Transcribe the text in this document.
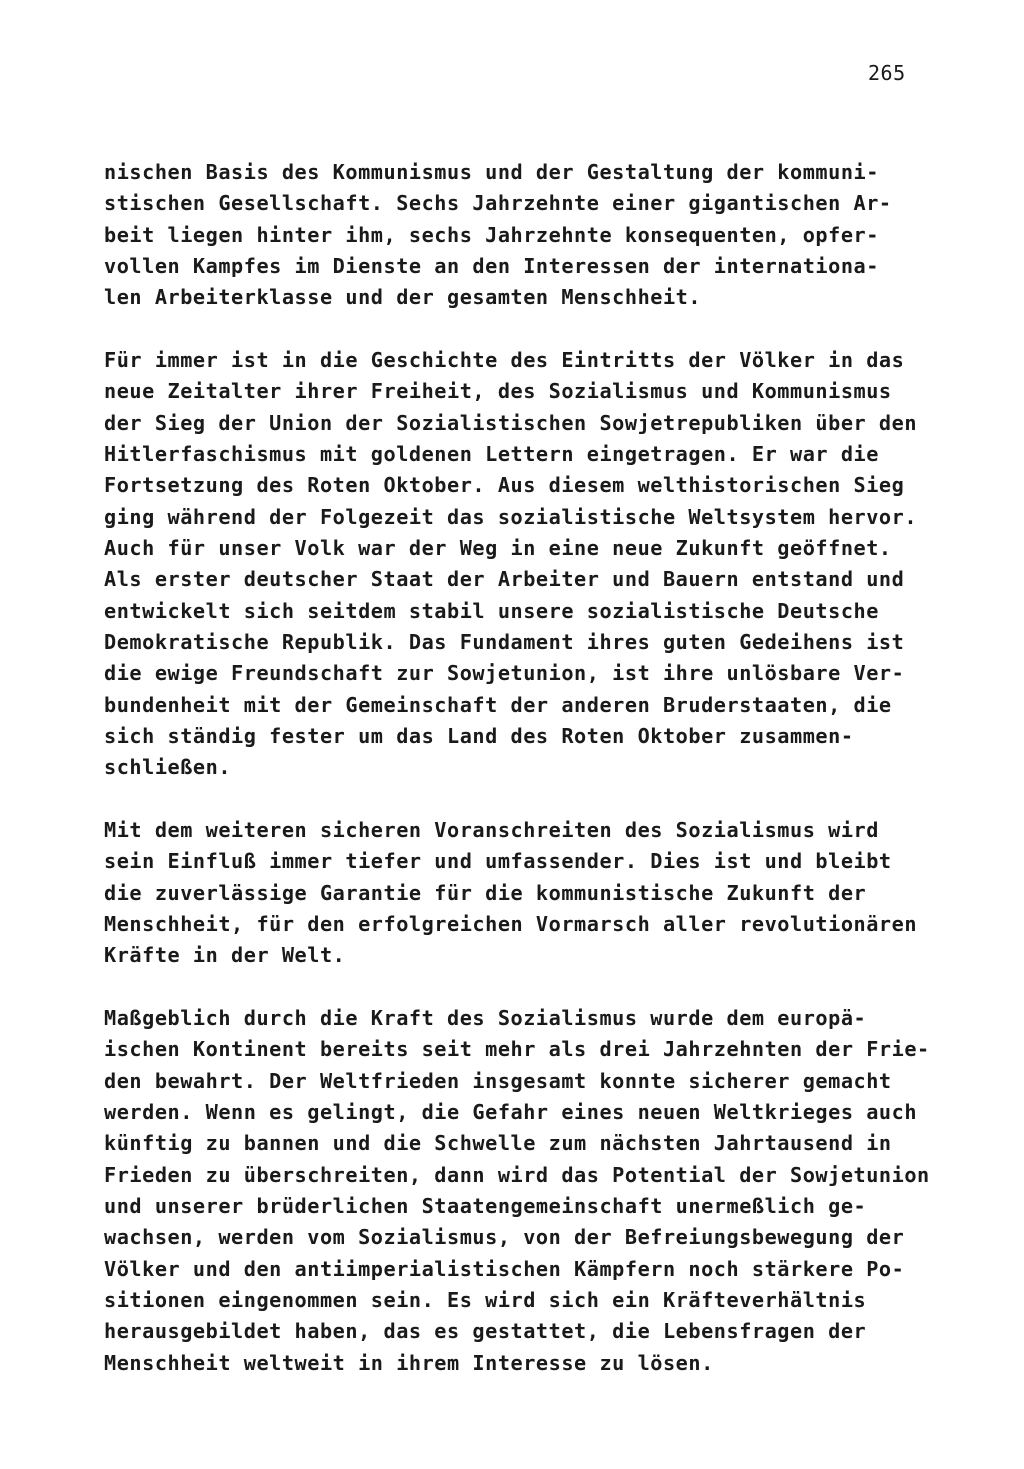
265
nischen Basis des Kommunismus und der Gestaltung der kommuni-
stischen Gesellschaft. Sechs Jahrzehnte einer gigantischen Ar-
beit liegen hinter ihm, sechs Jahrzehnte konsequenten, opfer-
vollen Kampfes im Dienste an den Interessen der internationa-
len Arbeiterklasse und der gesamten Menschheit.
Für immer ist in die Geschichte des Eintritts der Völker in das
neue Zeitalter ihrer Freiheit, des Sozialismus und Kommunismus
der Sieg der Union der Sozialistischen Sowjetrepubliken über den
Hitlerfaschismus mit goldenen Lettern eingetragen. Er war die
Fortsetzung des Roten Oktober. Aus diesem welthistorischen Sieg
ging während der Folgezeit das sozialistische Weltsystem hervor.
Auch für unser Volk war der Weg in eine neue Zukunft geöffnet.
Als erster deutscher Staat der Arbeiter und Bauern entstand und
entwickelt sich seitdem stabil unsere sozialistische Deutsche
Demokratische Republik. Das Fundament ihres guten Gedeihens ist
die ewige Freundschaft zur Sowjetunion, ist ihre unlösbare Ver-
bundenheit mit der Gemeinschaft der anderen Bruderstaaten, die
sich ständig fester um das Land des Roten Oktober zusammen-
schließen.
Mit dem weiteren sicheren Voranschreiten des Sozialismus wird
sein Einfluß immer tiefer und umfassender. Dies ist und bleibt
die zuverlässige Garantie für die kommunistische Zukunft der
Menschheit, für den erfolgreichen Vormarsch aller revolutionären
Kräfte in der Welt.
Maßgeblich durch die Kraft des Sozialismus wurde dem europä-
ischen Kontinent bereits seit mehr als drei Jahrzehnten der Frie-
den bewahrt. Der Weltfrieden insgesamt konnte sicherer gemacht
werden. Wenn es gelingt, die Gefahr eines neuen Weltkrieges auch
künftig zu bannen und die Schwelle zum nächsten Jahrtausend in
Frieden zu überschreiten, dann wird das Potential der Sowjetunion
und unserer brüderlichen Staatengemeinschaft unermeßlich ge-
wachsen, werden vom Sozialismus, von der Befreiungsbewegung der
Völker und den antiimperialistischen Kämpfern noch stärkere Po-
sitionen eingenommen sein. Es wird sich ein Kräfteverhältnis
herausgebildet haben, das es gestattet, die Lebensfragen der
Menschheit weltweit in ihrem Interesse zu lösen.
